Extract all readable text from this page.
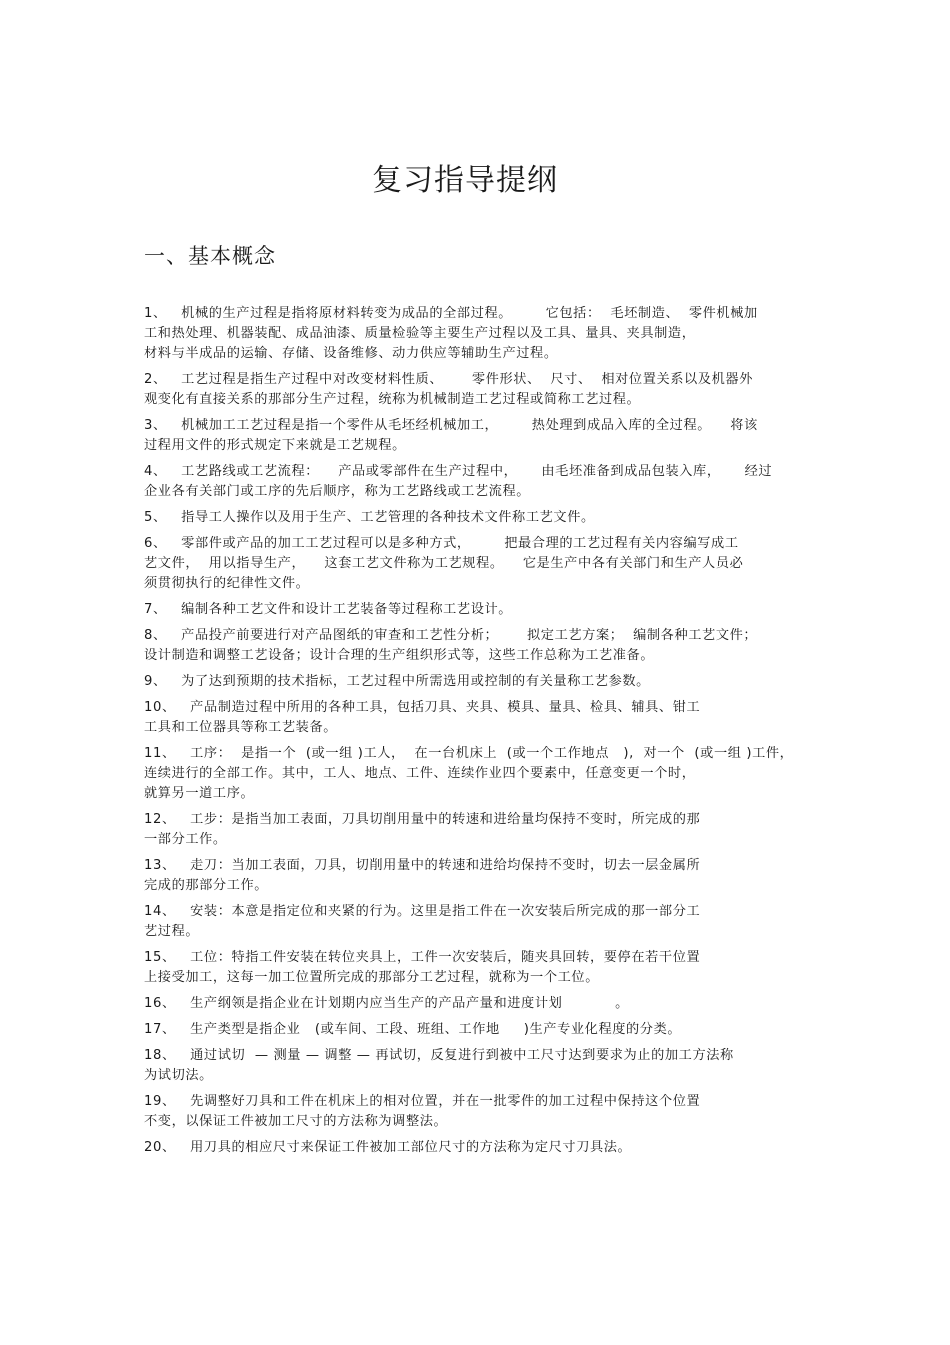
复习指导提纲
一、基本概念
1、   机械的生产过程是指将原材料转变为成品的全部过程。       它包括：  毛坯制造、  零件机械加
工和热处理、机器装配、成品油漆、质量检验等主要生产过程以及工具、量具、夹具制造，
材料与半成品的运输、存储、设备维修、动力供应等辅助生产过程。
2、   工艺过程是指生产过程中对改变材料性质、      零件形状、  尺寸、  相对位置关系以及机器外
观变化有直接关系的那部分生产过程，统称为机械制造工艺过程或简称工艺过程。
3、   机械加工工艺过程是指一个零件从毛坯经机械加工，       热处理到成品入库的全过程。    将该
过程用文件的形式规定下来就是工艺规程。
4、   工艺路线或工艺流程：    产品或零部件在生产过程中，     由毛坯准备到成品包装入库，     经过
企业各有关部门或工序的先后顺序，称为工艺路线或工艺流程。
5、   指导工人操作以及用于生产、工艺管理的各种技术文件称工艺文件。
6、   零部件或产品的加工工艺过程可以是多种方式，       把最合理的工艺过程有关内容编写成工
艺文件，  用以指导生产，    这套工艺文件称为工艺规程。    它是生产中各有关部门和生产人员必
须贯彻执行的纪律性文件。
7、   编制各种工艺文件和设计工艺装备等过程称工艺设计。
8、   产品投产前要进行对产品图纸的审查和工艺性分析；      拟定工艺方案；  编制各种工艺文件；
设计制造和调整工艺设备；设计合理的生产组织形式等，这些工作总称为工艺准备。
9、   为了达到预期的技术指标，工艺过程中所需选用或控制的有关量称工艺参数。
10、   产品制造过程中所用的各种工具，包括刀具、夹具、模具、量具、检具、辅具、钳工
工具和工位器具等称工艺装备。
11、   工序：  是指一个  (或一组 )工人，  在一台机床上  (或一个工作地点   ),  对一个  (或一组 )工件，
连续进行的全部工作。其中，工人、地点、工件、连续作业四个要素中，任意变更一个时，
就算另一道工序。
12、   工步：是指当加工表面，刀具切削用量中的转速和进给量均保持不变时，所完成的那
一部分工作。
13、   走刀：当加工表面，刀具，切削用量中的转速和进给均保持不变时，切去一层金属所
完成的那部分工作。
14、   安装：本意是指定位和夹紧的行为。这里是指工件在一次安装后所完成的那一部分工
艺过程。
15、   工位：特指工件安装在转位夹具上，工件一次安装后，随夹具回转，要停在若干位置
上接受加工，这每一加工位置所完成的那部分工艺过程，就称为一个工位。
16、   生产纲领是指企业在计划期内应当生产的产品产量和进度计划           。
17、   生产类型是指企业   (或车间、工段、班组、工作地     )生产专业化程度的分类。
18、   通过试切  — 测量 — 调整 — 再试切，反复进行到被中工尺寸达到要求为止的加工方法称
为试切法。
19、   先调整好刀具和工件在机床上的相对位置，并在一批零件的加工过程中保持这个位置
不变，以保证工件被加工尺寸的方法称为调整法。
20、   用刀具的相应尺寸来保证工件被加工部位尺寸的方法称为定尺寸刀具法。
